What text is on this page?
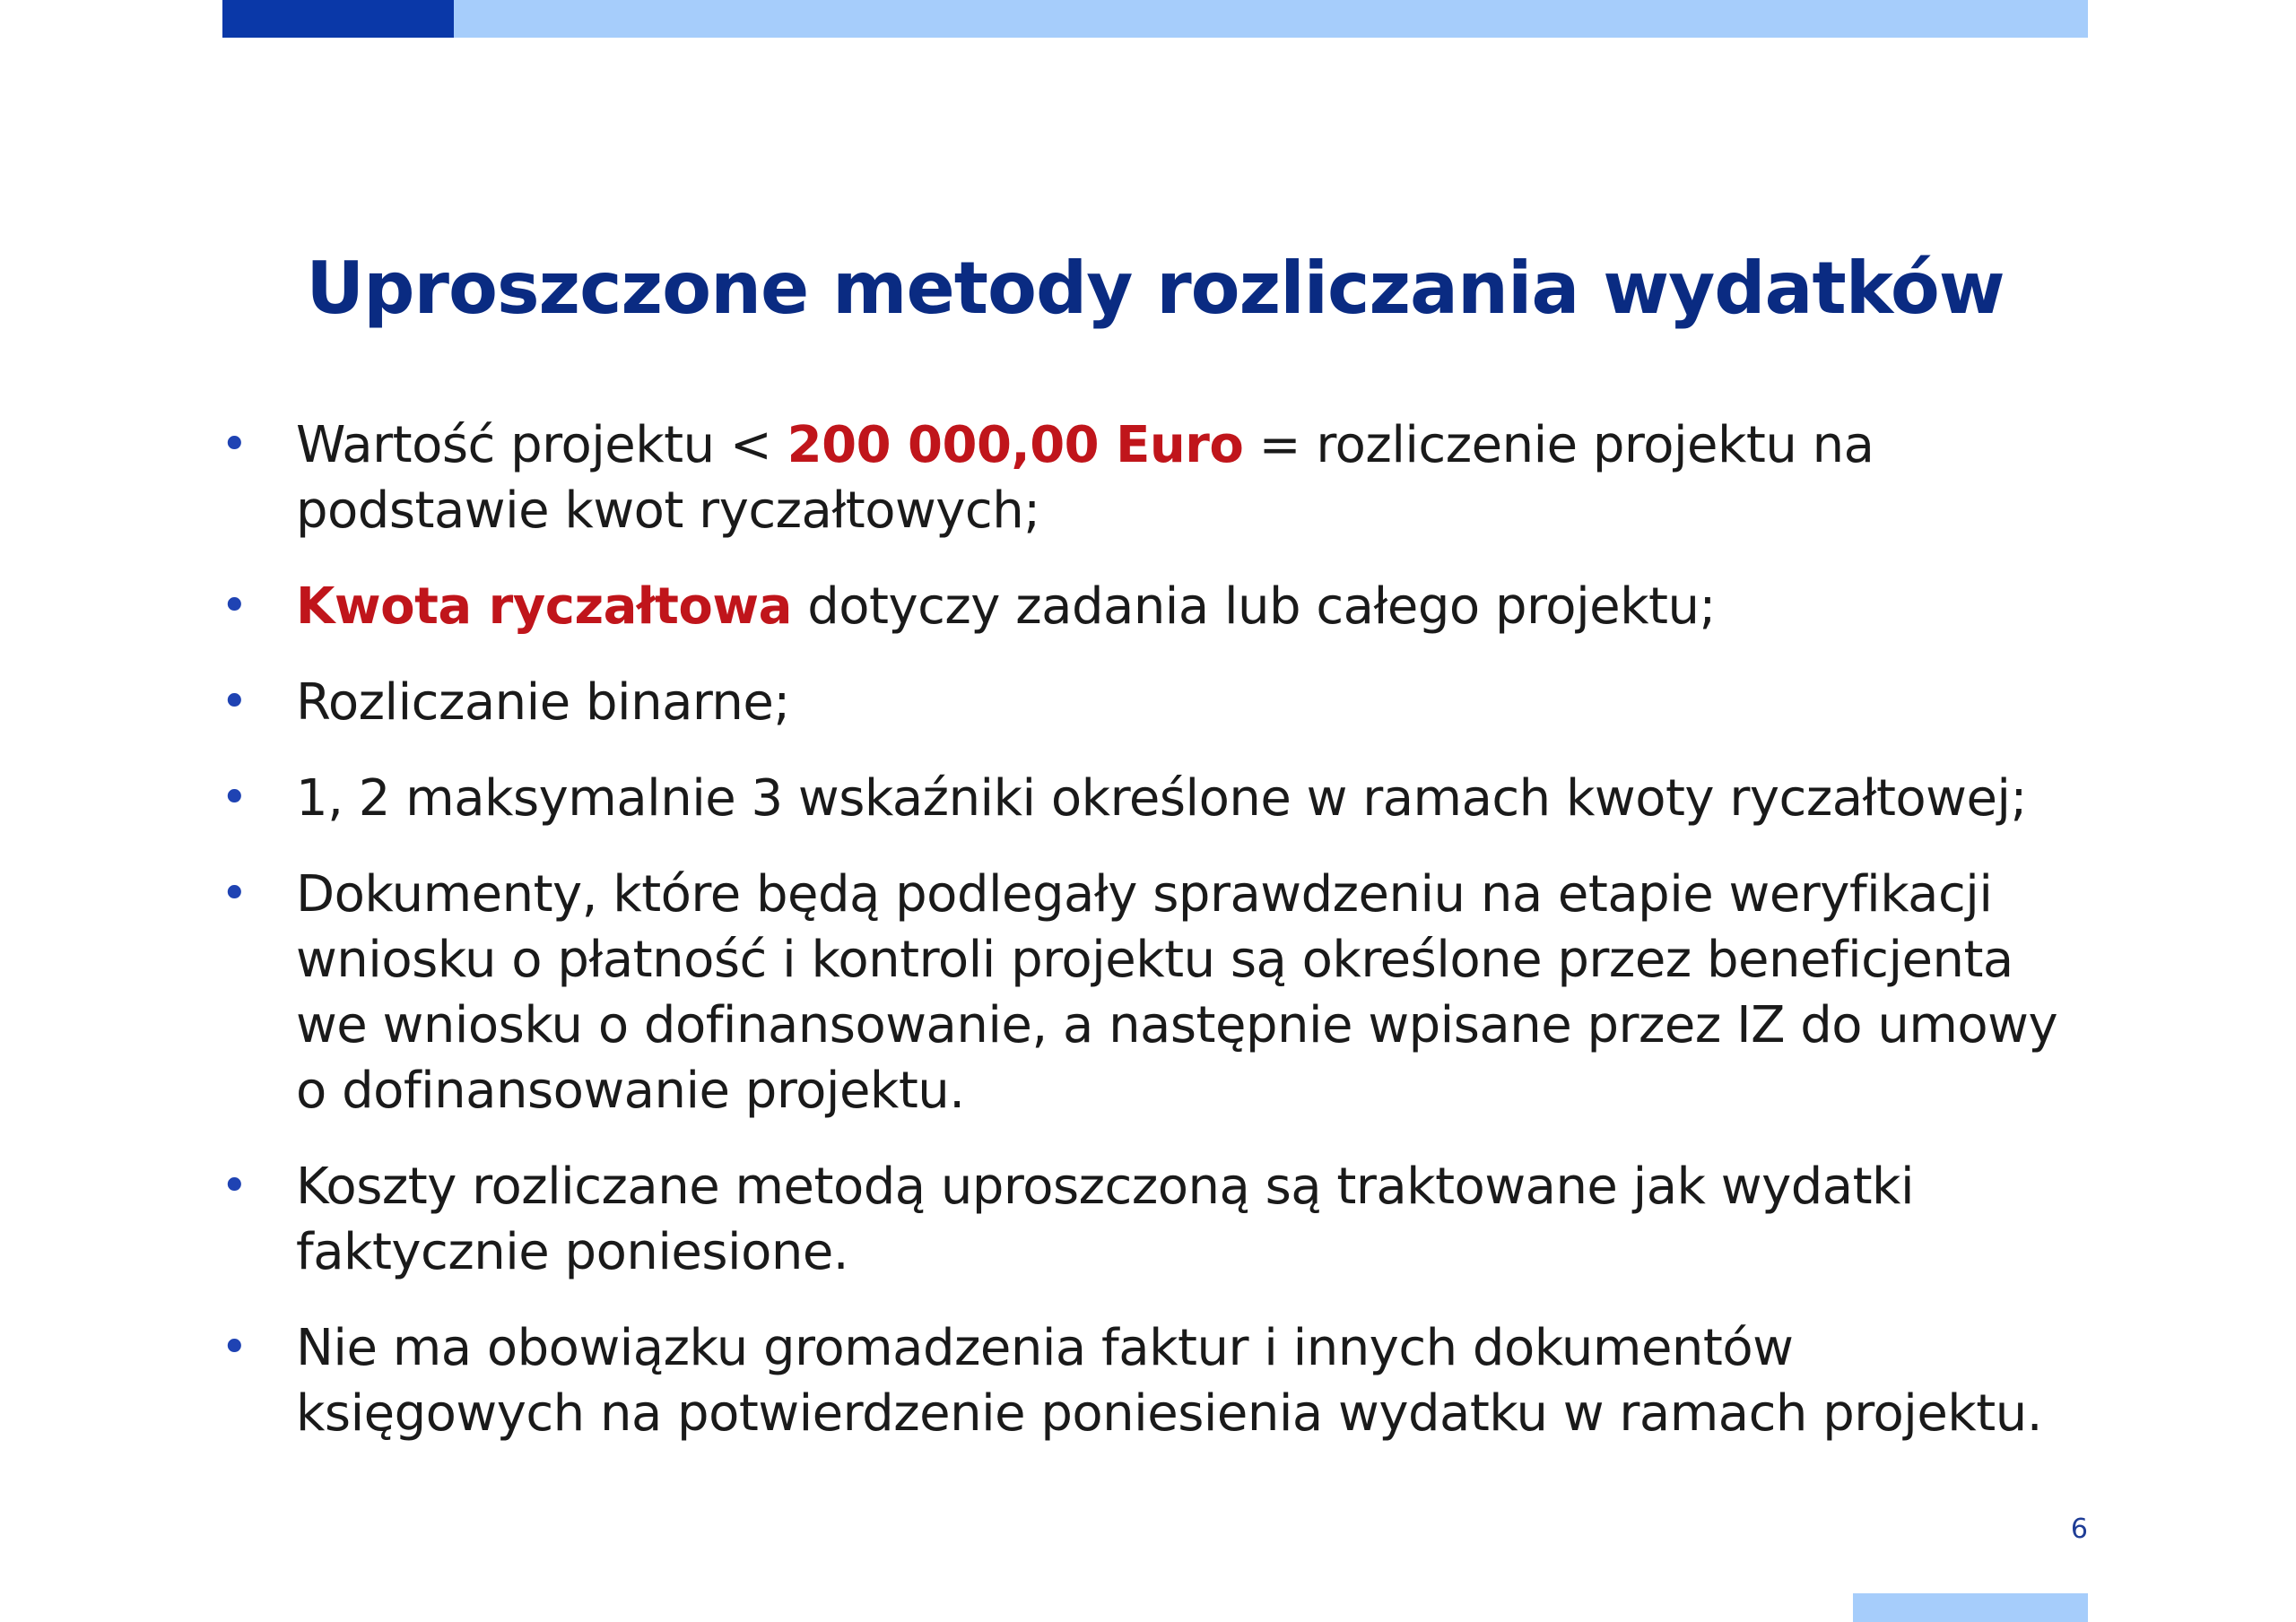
Uproszczone metody rozliczania wydatków
• Wartość projektu < 200 000,00 Euro = rozliczenie projektu na podstawie kwot ryczałtowych;
• Kwota ryczałtowa dotyczy zadania lub całego projektu;
• Rozliczanie binarne;
• 1, 2 maksymalnie 3 wskaźniki określone w ramach kwoty ryczałtowej;
• Dokumenty, które będą podlegały sprawdzeniu na etapie weryfikacji wniosku o płatność i kontroli projektu są określone przez beneficjenta we wniosku o dofinansowanie, a następnie wpisane przez IZ do umowy o dofinansowanie projektu.
• Koszty rozliczane metodą uproszczoną są traktowane jak wydatki faktycznie poniesione.
• Nie ma obowiązku gromadzenia faktur i innych dokumentów księgowych na potwierdzenie poniesienia wydatku w ramach projektu.
6
